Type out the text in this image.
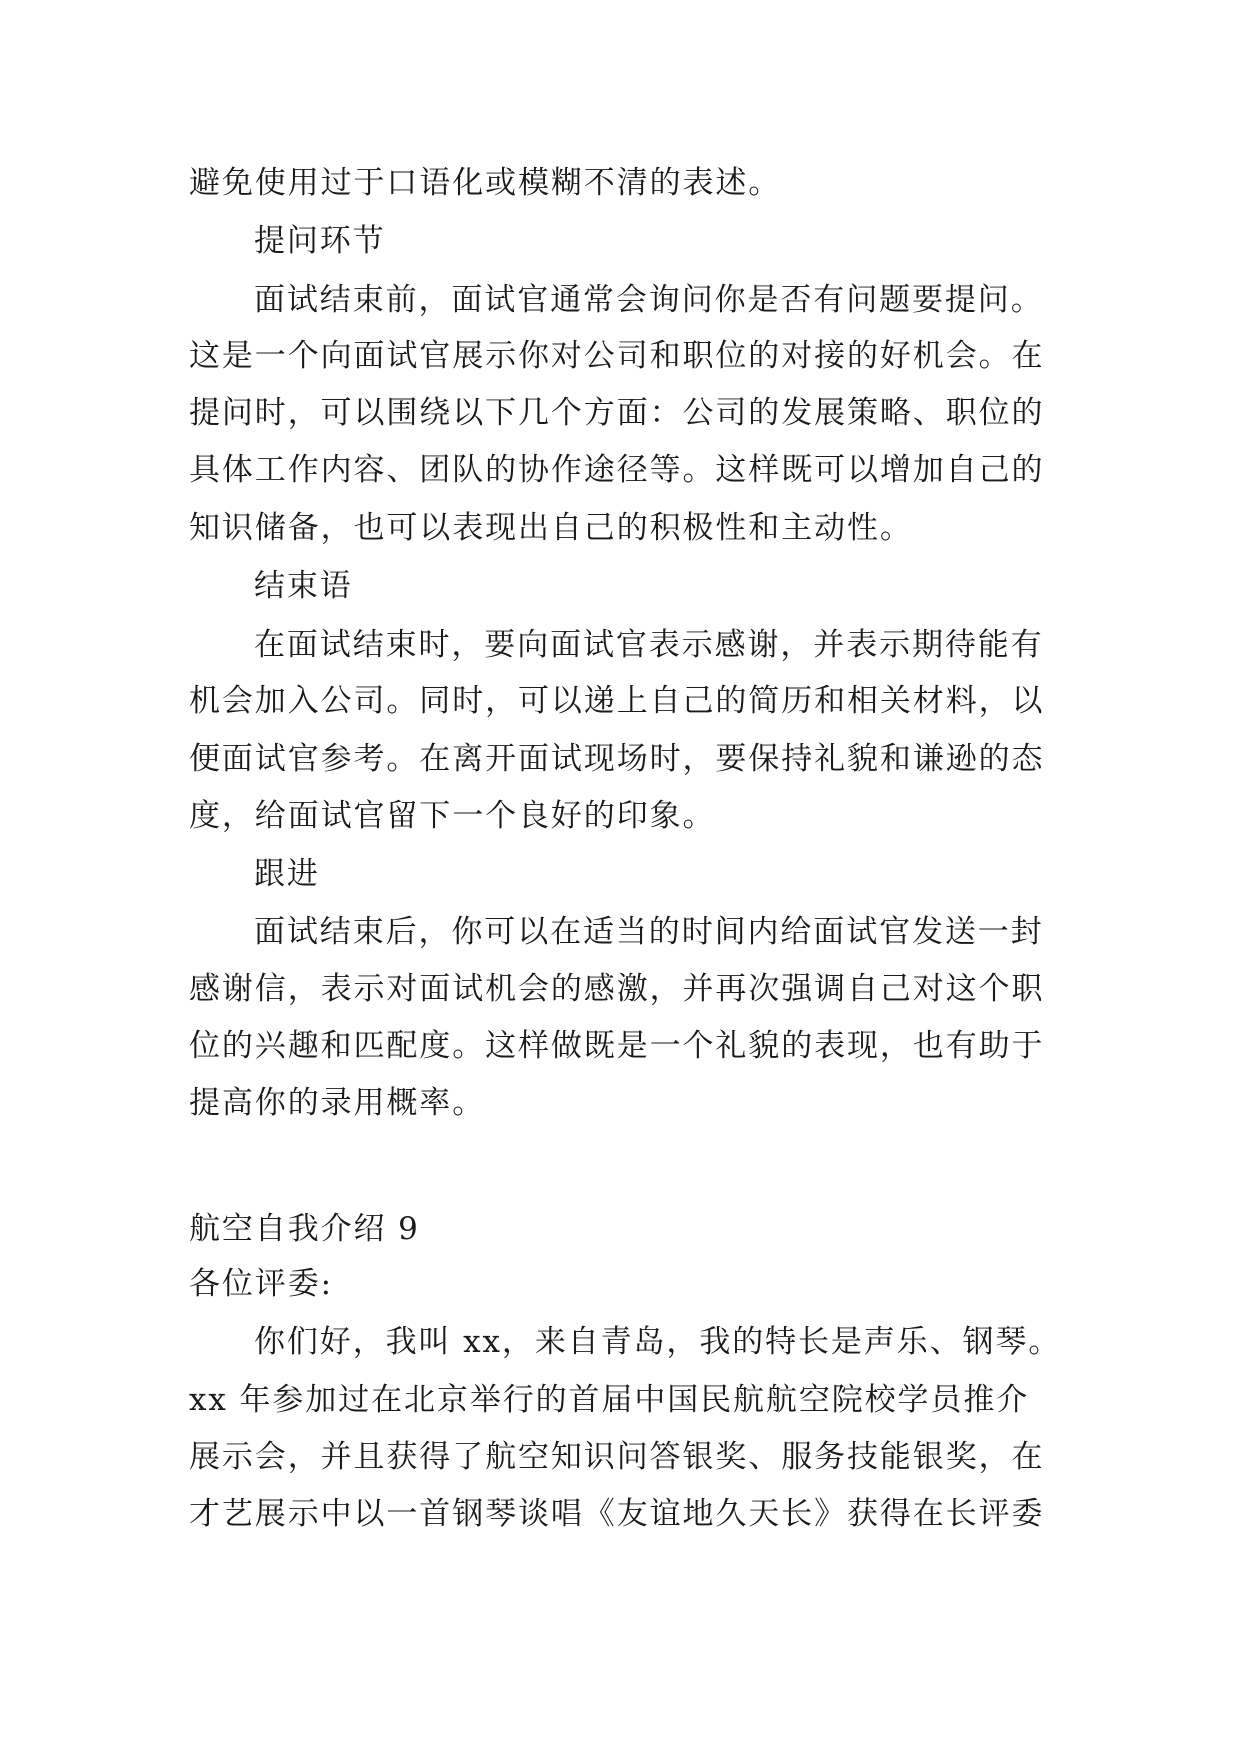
避免使用过于口语化或模糊不清的表述。
提问环节
面试结束前，面试官通常会询问你是否有问题要提问。
这是一个向面试官展示你对公司和职位的对接的好机会。在
提问时，可以围绕以下几个方面：公司的发展策略、职位的
具体工作内容、团队的协作途径等。这样既可以增加自己的
知识储备，也可以表现出自己的积极性和主动性。
结束语
在面试结束时，要向面试官表示感谢，并表示期待能有
机会加入公司。同时，可以递上自己的简历和相关材料，以
便面试官参考。在离开面试现场时，要保持礼貌和谦逊的态
度，给面试官留下一个良好的印象。
跟进
面试结束后，你可以在适当的时间内给面试官发送一封
感谢信，表示对面试机会的感激，并再次强调自己对这个职
位的兴趣和匹配度。这样做既是一个礼貌的表现，也有助于
提高你的录用概率。
航空自我介绍 9
各位评委:
你们好，我叫 xx，来自青岛，我的特长是声乐、钢琴。
xx 年参加过在北京举行的首届中国民航航空院校学员推介
展示会，并且获得了航空知识问答银奖、服务技能银奖，在
才艺展示中以一首钢琴谈唱《友谊地久天长》获得在长评委
